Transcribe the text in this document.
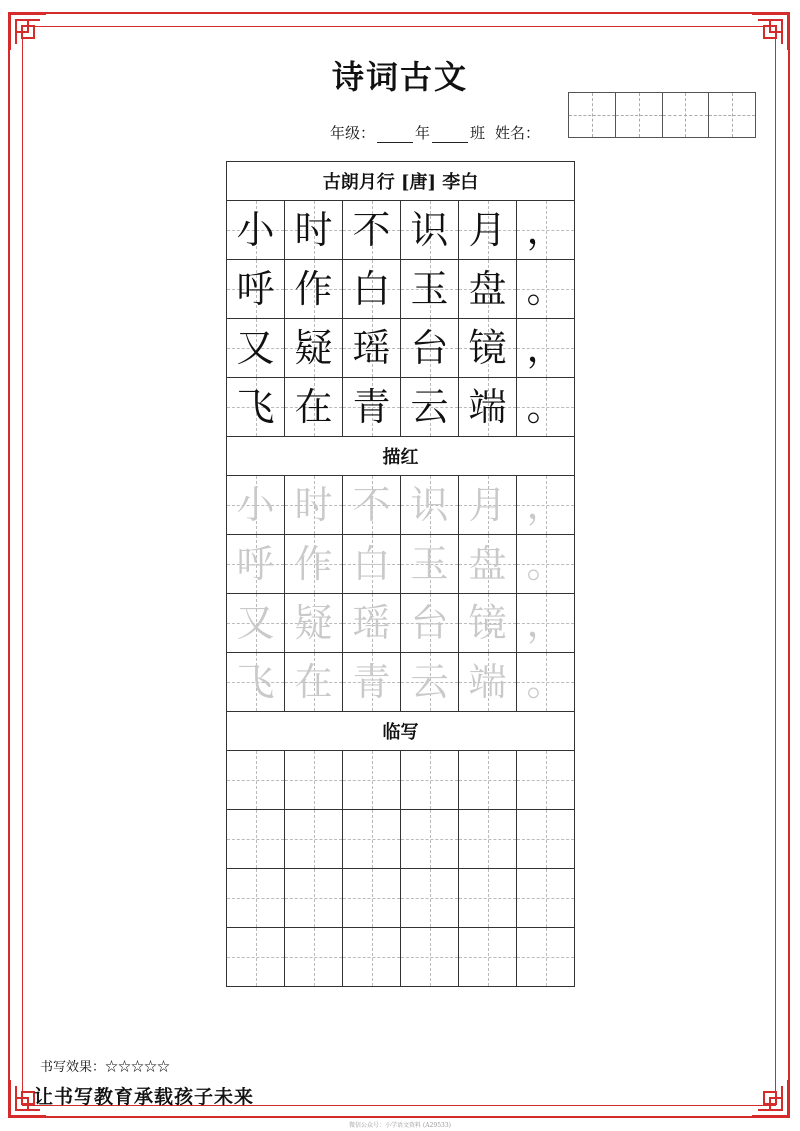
诗词古文
年级：	年	班 姓名：
古朗月行 [唐] 李白
小 时 不 识 月 ，
呼 作 白 玉 盘 。
又 疑 瑶 台 镜 ，
飞 在 青 云 端 。
描红
小 时 不 识 月 ，
呼 作 白 玉 盘 。
又 疑 瑶 台 镜 ，
飞 在 青 云 端 。
临写
书写效果：☆☆☆☆☆
让书写教育承载孩子未来
微信公众号：小学语文资料 (A29533)
